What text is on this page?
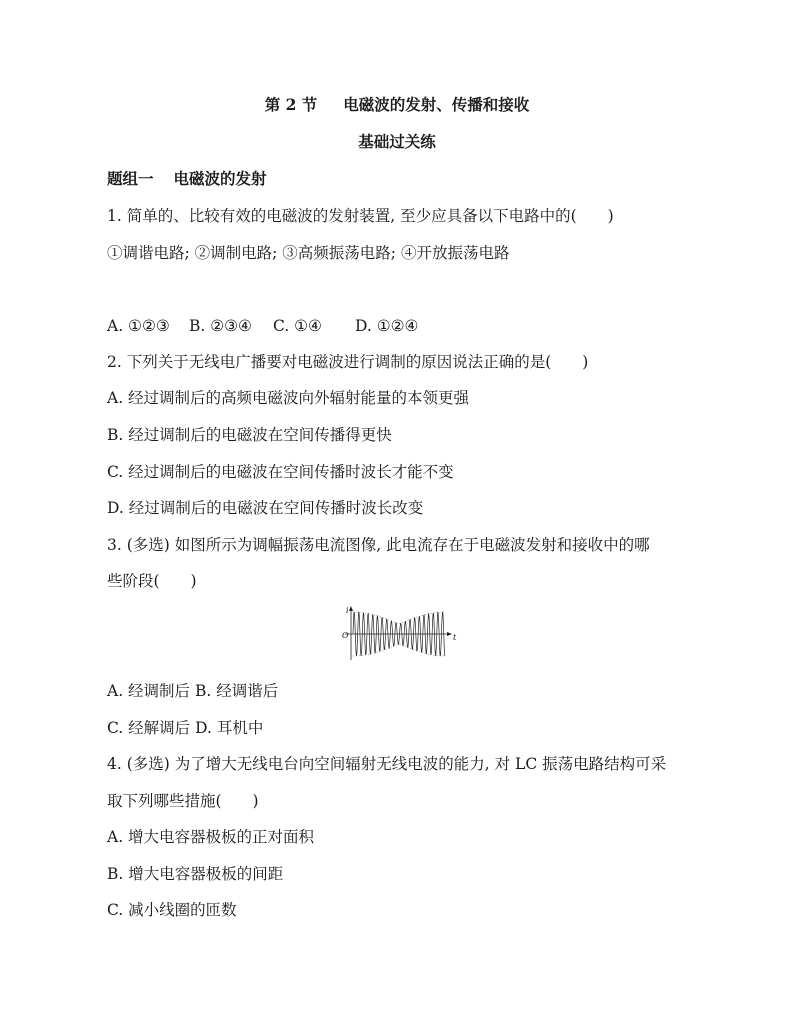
第 2 节 电磁波的发射、传播和接收
基础过关练
题组一 电磁波的发射
1. 简单的、比较有效的电磁波的发射装置, 至少应具备以下电路中的(　　)
①调谐电路; ②调制电路; ③高频振荡电路; ④开放振荡电路
A. ①②③ B. ②③④ C. ①④ D. ①②④
2. 下列关于无线电广播要对电磁波进行调制的原因说法正确的是(　　)
A. 经过调制后的高频电磁波向外辐射能量的本领更强
B. 经过调制后的电磁波在空间传播得更快
C. 经过调制后的电磁波在空间传播时波长才能不变
D. 经过调制后的电磁波在空间传播时波长改变
3. (多选) 如图所示为调幅振荡电流图像, 此电流存在于电磁波发射和接收中的哪
些阶段(　　)
i
t
O
A. 经调制后 B. 经调谐后
C. 经解调后 D. 耳机中
4. (多选) 为了增大无线电台向空间辐射无线电波的能力, 对 LC 振荡电路结构可采
取下列哪些措施(　　)
A. 增大电容器极板的正对面积
B. 增大电容器极板的间距
C. 减小线圈的匝数
